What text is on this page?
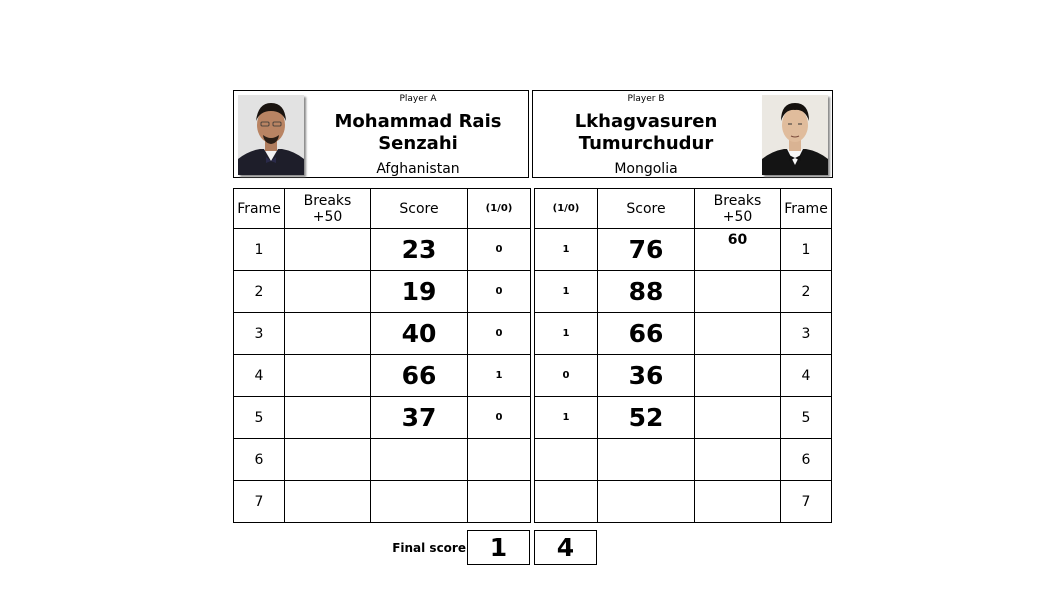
Player A
Mohammad Rais
Senzahi
Afghanistan
Player B
Lkhagvasuren
Tumurchudur
Mongolia
Frame	Breaks
+50	Score	(1/0)
1		23	0
2		19	0
3		40	0
4		66	1
5		37	0
6			
7			
(1/0)	Score	Breaks
+50	Frame
1	76	60	1
1	88		2
1	66		3
0	36		4
1	52		5
			6
			7
Final score 1	4
